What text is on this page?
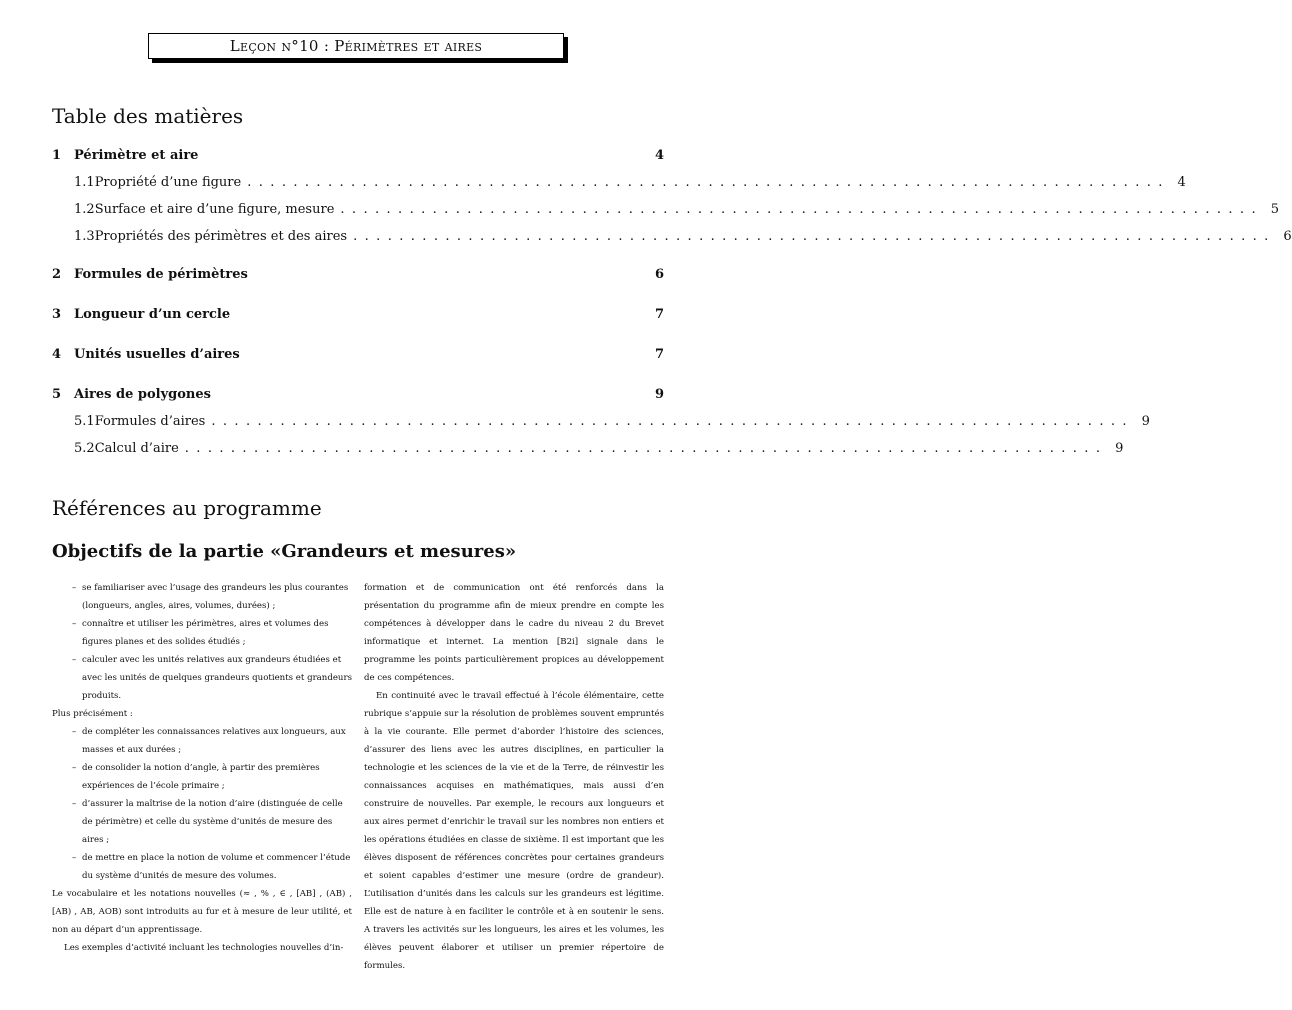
Leçon n°10 : Périmètres et aires
Table des matières
1 Périmètre et aire	4
1.1 Propriété d’une figure ................................................................................ 4
1.2 Surface et aire d’une figure, mesure ................................................................................ 5
1.3 Propriétés des périmètres et des aires ................................................................................ 6
2 Formules de périmètres	6
3 Longueur d’un cercle	7
4 Unités usuelles d’aires	7
5 Aires de polygones	9
5.1 Formules d’aires ................................................................................ 9
5.2 Calcul d’aire ................................................................................ 9
Références au programme
Objectifs de la partie «Grandeurs et mesures»
– se familiariser avec l’usage des grandeurs les plus courantes (longueurs, angles, aires, volumes, durées) ;
– connaître et utiliser les périmètres, aires et volumes des figures planes et des solides étudiés ;
– calculer avec les unités relatives aux grandeurs étudiées et avec les unités de quelques grandeurs quotients et grandeurs produits.
Plus précisément :
– de compléter les connaissances relatives aux longueurs, aux masses et aux durées ;
– de consolider la notion d’angle, à partir des premières expériences de l’école primaire ;
– d’assurer la maîtrise de la notion d’aire (distinguée de celle de périmètre) et celle du système d’unités de mesure des aires ;
– de mettre en place la notion de volume et commencer l’étude du système d’unités de mesure des volumes.
Le vocabulaire et les notations nouvelles (≈ , % , ∈ , [AB] , (AB) , [AB) , AB, AOB) sont introduits au fur et à mesure de leur utilité, et non au départ d’un apprentissage.
Les exemples d’activité incluant les technologies nouvelles d’in-
formation et de communication ont été renforcés dans la présentation du programme afin de mieux prendre en compte les compétences à développer dans le cadre du niveau 2 du Brevet informatique et internet. La mention [B2i] signale dans le programme les points particulièrement propices au développement de ces compétences.
En continuité avec le travail effectué à l’école élémentaire, cette rubrique s’appuie sur la résolution de problèmes souvent empruntés à la vie courante. Elle permet d’aborder l’histoire des sciences, d’assurer des liens avec les autres disciplines, en particulier la technologie et les sciences de la vie et de la Terre, de réinvestir les connaissances acquises en mathématiques, mais aussi d’en construire de nouvelles. Par exemple, le recours aux longueurs et aux aires permet d’enrichir le travail sur les nombres non entiers et les opérations étudiées en classe de sixième. Il est important que les élèves disposent de références concrètes pour certaines grandeurs et soient capables d’estimer une mesure (ordre de grandeur). L’utilisation d’unités dans les calculs sur les grandeurs est légitime. Elle est de nature à en faciliter le contrôle et à en soutenir le sens. A travers les activités sur les longueurs, les aires et les volumes, les élèves peuvent élaborer et utiliser un premier répertoire de formules.
